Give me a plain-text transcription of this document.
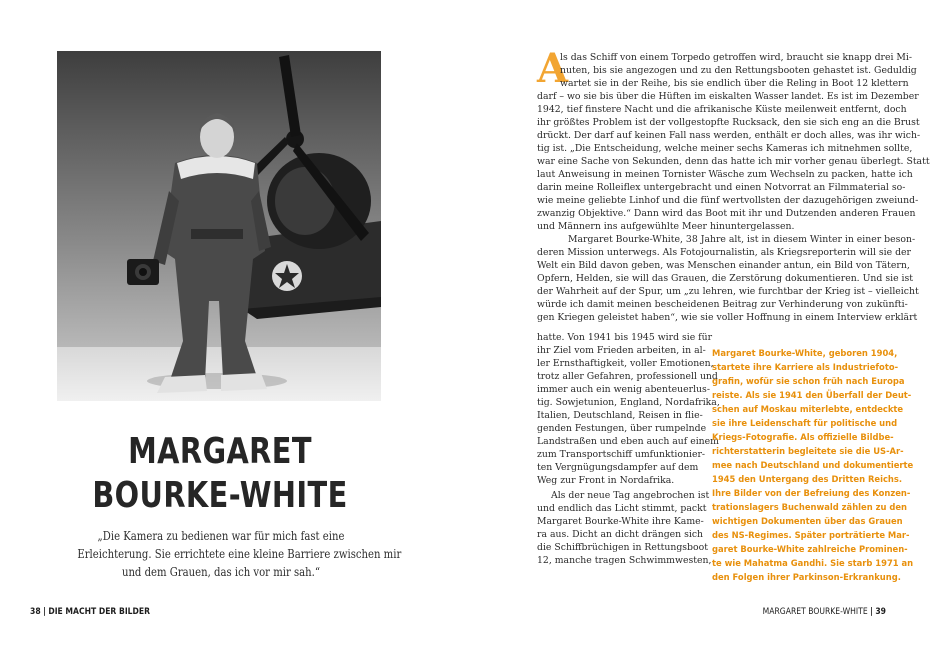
MARGARET
BOURKE-WHITE
„Die Kamera zu bedienen war für mich fast eine
Erleichterung. Sie errichtete eine kleine Barriere zwischen mir
und dem Grauen, das ich vor mir sah.“
38 | DIE MACHT DER BILDER
A
ls das Schiff von einem Torpedo getroffen wird, braucht sie knapp drei Mi-
nuten, bis sie angezogen und zu den Rettungsbooten gehastet ist. Geduldig
wartet sie in der Reihe, bis sie endlich über die Reling in Boot 12 klettern
darf – wo sie bis über die Hüften im eiskalten Wasser landet. Es ist im Dezember
1942, tief finstere Nacht und die afrikanische Küste meilenweit entfernt, doch
ihr größtes Problem ist der vollgestopfte Rucksack, den sie sich eng an die Brust
drückt. Der darf auf keinen Fall nass werden, enthält er doch alles, was ihr wich-
tig ist. „Die Entscheidung, welche meiner sechs Kameras ich mitnehmen sollte,
war eine Sache von Sekunden, denn das hatte ich mir vorher genau überlegt. Statt
laut Anweisung in meinen Tornister Wäsche zum Wechseln zu packen, hatte ich
darin meine Rolleiflex untergebracht und einen Notvorrat an Filmmaterial so-
wie meine geliebte Linhof und die fünf wertvollsten der dazugehörigen zweiund-
zwanzig Objektive.“ Dann wird das Boot mit ihr und Dutzenden anderen Frauen
und Männern ins aufgewühlte Meer hinuntergelassen.
Margaret Bourke-White, 38 Jahre alt, ist in diesem Winter in einer beson-
deren Mission unterwegs. Als Fotojournalistin, als Kriegsreporterin will sie der
Welt ein Bild davon geben, was Menschen einander antun, ein Bild von Tätern,
Opfern, Helden, sie will das Grauen, die Zerstörung dokumentieren. Und sie ist
der Wahrheit auf der Spur, um „zu lehren, wie furchtbar der Krieg ist – vielleicht
würde ich damit meinen bescheidenen Beitrag zur Verhinderung von zukünfti-
gen Kriegen geleistet haben“, wie sie voller Hoffnung in einem Interview erklärt
hatte. Von 1941 bis 1945 wird sie für
ihr Ziel vom Frieden arbeiten, in al-
ler Ernsthaftigkeit, voller Emotionen,
trotz aller Gefahren, professionell und
immer auch ein wenig abenteuerlus-
tig. Sowjetunion, England, Nordafrika,
Italien, Deutschland, Reisen in flie-
genden Festungen, über rumpelnde
Landstraßen und eben auch auf einem
zum Transportschiff umfunktionier-
ten Vergnügungsdampfer auf dem
Weg zur Front in Nordafrika.
Als der neue Tag angebrochen ist
und endlich das Licht stimmt, packt
Margaret Bourke-White ihre Kame-
ra aus. Dicht an dicht drängen sich
die Schiffbrüchigen in Rettungsboot
12, manche tragen Schwimmwesten,
Margaret Bourke-White, geboren 1904,
startete ihre Karriere als Industriefoto-
grafin, wofür sie schon früh nach Europa
reiste. Als sie 1941 den Überfall der Deut-
schen auf Moskau miterlebte, entdeckte
sie ihre Leidenschaft für politische und
Kriegs-Fotografie. Als offizielle Bildbe-
richterstatterin begleitete sie die US-Ar-
mee nach Deutschland und dokumentierte
1945 den Untergang des Dritten Reichs.
Ihre Bilder von der Befreiung des Konzen-
trationslagers Buchenwald zählen zu den
wichtigen Dokumenten über das Grauen
des NS-Regimes. Später porträtierte Mar-
garet Bourke-White zahlreiche Prominen-
te wie Mahatma Gandhi. Sie starb 1971 an
den Folgen ihrer Parkinson-Erkrankung.
MARGARET BOURKE-WHITE | 39
